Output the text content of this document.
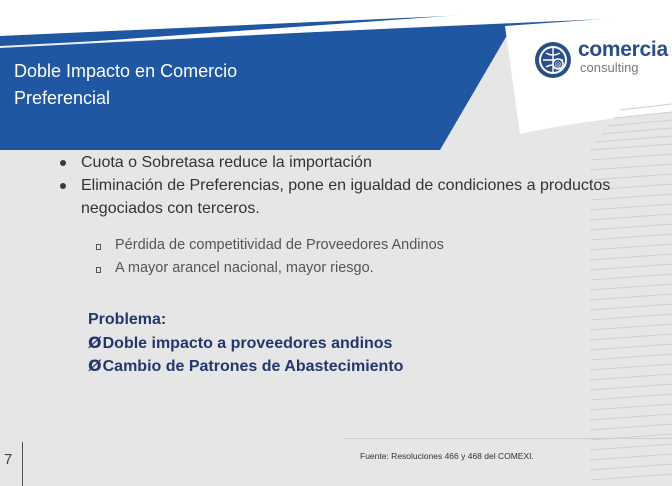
Doble Impacto en Comercio Preferencial
@
comercia
consulting
Cuota o Sobretasa reduce la importación
Eliminación de Preferencias, pone en igualdad de condiciones a productos negociados con terceros.
Pérdida de competitividad de Proveedores Andinos
A mayor arancel nacional, mayor riesgo.
Problema:
ØDoble impacto a proveedores andinos
ØCambio de Patrones de Abastecimiento
Fuente: Resoluciones 466 y 468 del COMEXI.
7
